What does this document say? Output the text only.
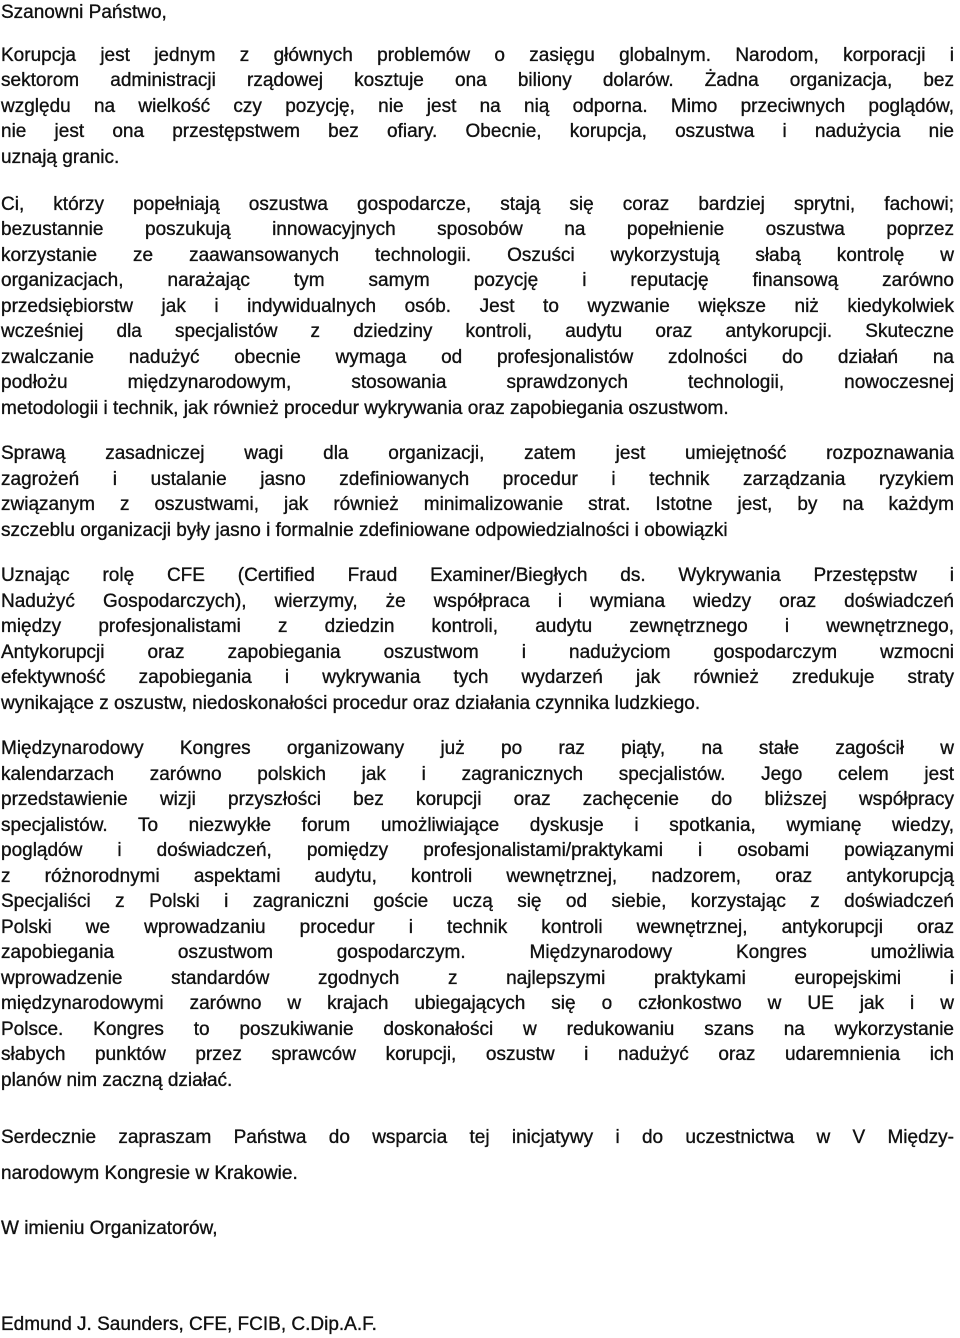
Szanowni Państwo,
Korupcja jest jednym z głównych problemów o zasięgu globalnym. Narodom, korporacji i
sektorom administracji rządowej kosztuje ona biliony dolarów. Żadna organizacja, bez
względu na wielkość czy pozycję, nie jest na nią odporna. Mimo przeciwnych poglądów,
nie jest ona przestępstwem bez ofiary. Obecnie, korupcja, oszustwa i nadużycia nie
uznają granic.
Ci, którzy popełniają oszustwa gospodarcze, stają się coraz bardziej sprytni, fachowi;
bezustannie poszukują innowacyjnych sposobów na popełnienie oszustwa poprzez
korzystanie ze zaawansowanych technologii. Oszuści wykorzystują słabą kontrolę w
organizacjach, narażając tym samym pozycję i reputację finansową zarówno
przedsiębiorstw jak i indywidualnych osób. Jest to wyzwanie większe niż kiedykolwiek
wcześniej dla specjalistów z dziedziny kontroli, audytu oraz antykorupcji. Skuteczne
zwalczanie nadużyć obecnie wymaga od profesjonalistów zdolności do działań na
podłożu międzynarodowym, stosowania sprawdzonych technologii, nowoczesnej
metodologii i technik, jak również procedur wykrywania oraz zapobiegania oszustwom.
Sprawą zasadniczej wagi dla organizacji, zatem jest umiejętność rozpoznawania
zagrożeń i ustalanie jasno zdefiniowanych procedur i technik zarządzania ryzykiem
związanym z oszustwami, jak również minimalizowanie strat. Istotne jest, by na każdym
szczeblu organizacji były jasno i formalnie zdefiniowane odpowiedzialności i obowiązki
Uznając rolę CFE (Certified Fraud Examiner/Biegłych ds. Wykrywania Przestępstw i
Nadużyć Gospodarczych), wierzymy, że współpraca i wymiana wiedzy oraz doświadczeń
między profesjonalistami z dziedzin kontroli, audytu zewnętrznego i wewnętrznego,
Antykorupcji oraz zapobiegania oszustwom i nadużyciom gospodarczym wzmocni
efektywność zapobiegania i wykrywania tych wydarzeń jak również zredukuje straty
wynikające z oszustw, niedoskonałości procedur oraz działania czynnika ludzkiego.
Międzynarodowy Kongres organizowany już po raz piąty, na stałe zagościł w
kalendarzach zarówno polskich jak i zagranicznych specjalistów. Jego celem jest
przedstawienie wizji przyszłości bez korupcji oraz zachęcenie do bliższej współpracy
specjalistów. To niezwykłe forum umożliwiające dyskusje i spotkania, wymianę wiedzy,
poglądów i doświadczeń, pomiędzy profesjonalistami/praktykami i osobami powiązanymi
z różnorodnymi aspektami audytu, kontroli wewnętrznej, nadzorem, oraz antykorupcją
Specjaliści z Polski i zagraniczni goście uczą się od siebie, korzystając z doświadczeń
Polski we wprowadzaniu procedur i technik kontroli wewnętrznej, antykorupcji oraz
zapobiegania oszustwom gospodarczym. Międzynarodowy Kongres umożliwia
wprowadzenie standardów zgodnych z najlepszymi praktykami europejskimi i
międzynarodowymi zarówno w krajach ubiegających się o członkostwo w UE jak i w
Polsce. Kongres to poszukiwanie doskonałości w redukowaniu szans na wykorzystanie
słabych punktów przez sprawców korupcji, oszustw i nadużyć oraz udaremnienia ich
planów nim zaczną działać.
Serdecznie zapraszam Państwa do wsparcia tej inicjatywy i do uczestnictwa w V Między-
narodowym Kongresie w Krakowie.
W imieniu Organizatorów,
Edmund J. Saunders, CFE, FCIB, C.Dip.A.F.
